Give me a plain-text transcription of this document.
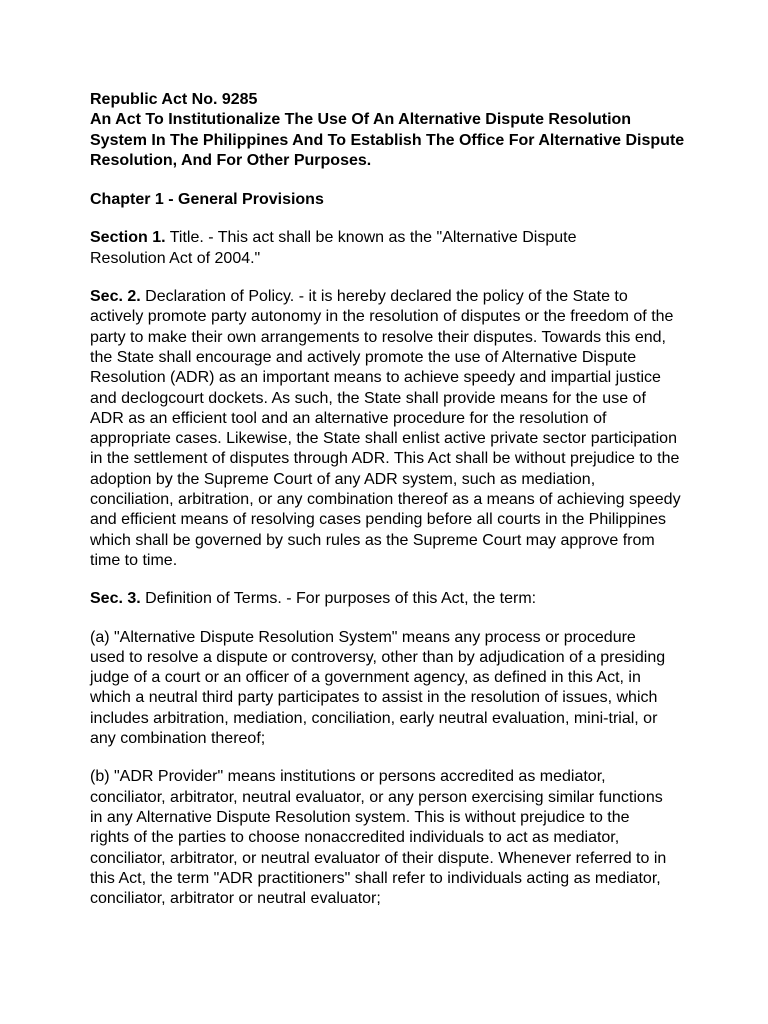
Republic Act No. 9285
An Act To Institutionalize The Use Of An Alternative Dispute Resolution System In The Philippines And To Establish The Office For Alternative Dispute Resolution, And For Other Purposes.
Chapter 1 - General Provisions

Section 1. Title. - This act shall be known as the "Alternative Dispute Resolution Act of 2004."

Sec. 2. Declaration of Policy. - it is hereby declared the policy of the State to actively promote party autonomy in the resolution of disputes or the freedom of the party to make their own arrangements to resolve their disputes. Towards this end, the State shall encourage and actively promote the use of Alternative Dispute Resolution (ADR) as an important means to achieve speedy and impartial justice and declogcourt dockets. As such, the State shall provide means for the use of ADR as an efficient tool and an alternative procedure for the resolution of appropriate cases. Likewise, the State shall enlist active private sector participation in the settlement of disputes through ADR. This Act shall be without prejudice to the adoption by the Supreme Court of any ADR system, such as mediation, conciliation, arbitration, or any combination thereof as a means of achieving speedy and efficient means of resolving cases pending before all courts in the Philippines which shall be governed by such rules as the Supreme Court may approve from time to time.

Sec. 3. Definition of Terms. - For purposes of this Act, the term:

(a) "Alternative Dispute Resolution System" means any process or procedure used to resolve a dispute or controversy, other than by adjudication of a presiding judge of a court or an officer of a government agency, as defined in this Act, in which a neutral third party participates to assist in the resolution of issues, which includes arbitration, mediation, conciliation, early neutral evaluation, mini-trial, or any combination thereof;

(b) "ADR Provider" means institutions or persons accredited as mediator, conciliator, arbitrator, neutral evaluator, or any person exercising similar functions in any Alternative Dispute Resolution system. This is without prejudice to the rights of the parties to choose nonaccredited individuals to act as mediator, conciliator, arbitrator, or neutral evaluator of their dispute. Whenever referred to in this Act, the term "ADR practitioners" shall refer to individuals acting as mediator, conciliator, arbitrator or neutral evaluator;
